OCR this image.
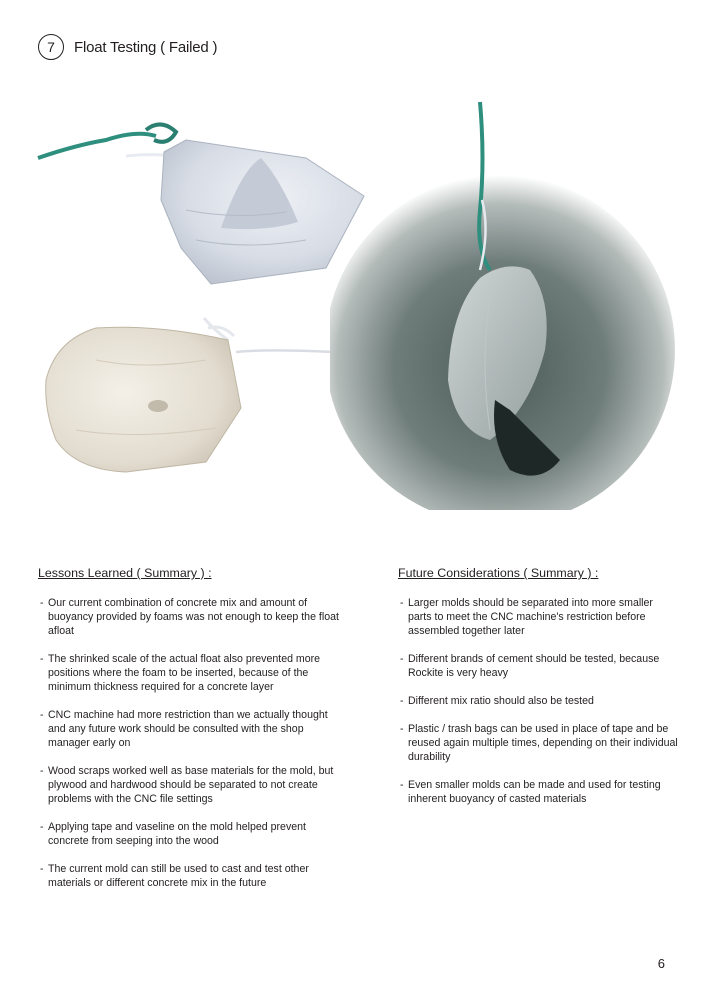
7	Float Testing ( Failed )
Lessons Learned ( Summary ) :
- Our current combination of concrete mix and amount of buoyancy provided by foams was not enough to keep the float afloat
- The shrinked scale of the actual float also prevented more positions where the foam to be inserted, because of the minimum thickness required for a concrete layer
- CNC machine had more restriction than we actually thought and any future work should be consulted with the shop manager early on
- Wood scraps worked well as base materials for the mold, but plywood and hardwood should be separated to not create problems with the CNC file settings
- Applying tape and vaseline on the mold helped prevent concrete from seeping into the wood
- The current mold can still be used to cast and test other materials or different concrete mix in the future
Future Considerations ( Summary ) :
- Larger molds should be separated into more smaller parts to meet the CNC machine's restriction before assembled together later
- Different brands of cement should be tested, because Rockite is very heavy
- Different mix ratio should also be tested
- Plastic / trash bags can be used in place of tape and be reused again multiple times, depending on their individual durability
- Even smaller molds can be made and used for testing inherent buoyancy of casted materials
6
